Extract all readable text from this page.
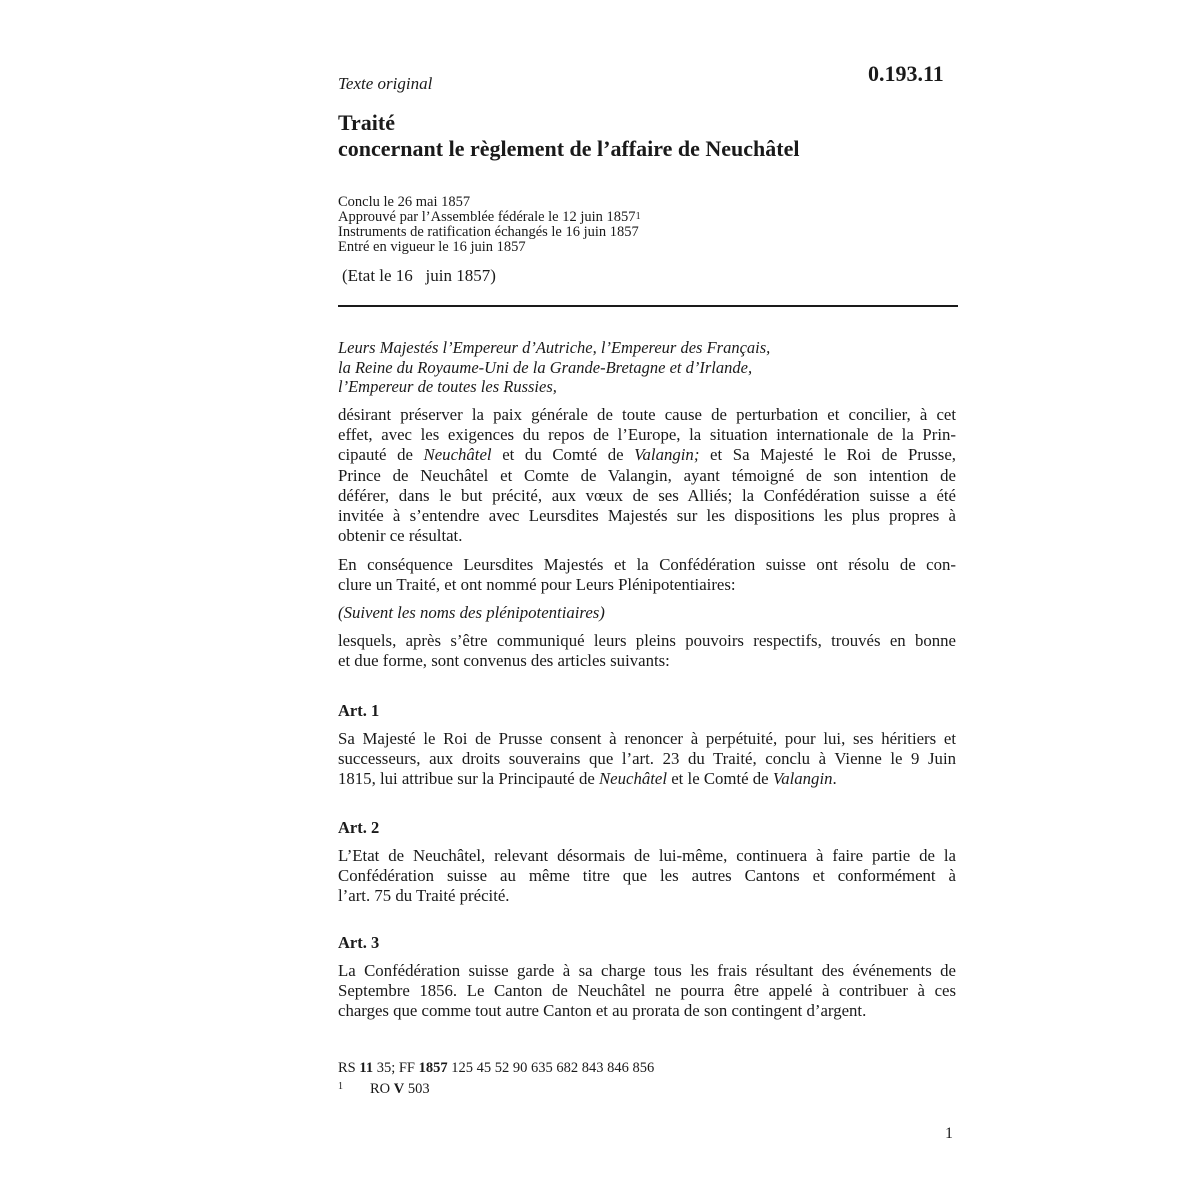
Texte original	0.193.11
Traité
concernant le règlement de l’affaire de Neuchâtel
Conclu le 26 mai 1857
Approuvé par l’Assemblée fédérale le 12 juin 1857$^1$
Instruments de ratification échangés le 16 juin 1857
Entré en vigueur le 16 juin 1857
(Etat le 16   juin 1857)
Leurs Majestés l’Empereur d’Autriche, l’Empereur des Français,
la Reine du Royaume-Uni de la Grande-Bretagne et d’Irlande,
l’Empereur de toutes les Russies,
désirant préserver la paix générale de toute cause de perturbation et concilier, à cet
effet, avec les exigences du repos de l’Europe, la situation internationale de la Prin-
cipauté de Neuchâtel et du Comté de Valangin; et Sa Majesté le Roi de Prusse,
Prince de Neuchâtel et Comte de Valangin, ayant témoigné de son intention de
déférer, dans le but précité, aux vœux de ses Alliés; la Confédération suisse a été
invitée à s’entendre avec Leursdites Majestés sur les dispositions les plus propres à
obtenir ce résultat.
En conséquence Leursdites Majestés et la Confédération suisse ont résolu de con-
clure un Traité, et ont nommé pour Leurs Plénipotentiaires:
(Suivent les noms des plénipotentiaires)
lesquels, après s’être communiqué leurs pleins pouvoirs respectifs, trouvés en bonne
et due forme, sont convenus des articles suivants:
Art. 1
Sa Majesté le Roi de Prusse consent à renoncer à perpétuité, pour lui, ses héritiers et
successeurs, aux droits souverains que l’art. 23 du Traité, conclu à Vienne le 9 Juin
1815, lui attribue sur la Principauté de Neuchâtel et le Comté de Valangin.
Art. 2
L’Etat de Neuchâtel, relevant désormais de lui-même, continuera à faire partie de la
Confédération suisse au même titre que les autres Cantons et conformément à
l’art. 75 du Traité précité.
Art. 3
La Confédération suisse garde à sa charge tous les frais résultant des événements de
Septembre 1856. Le Canton de Neuchâtel ne pourra être appelé à contribuer à ces
charges que comme tout autre Canton et au prorata de son contingent d’argent.
RS 11 35; FF 1857 125 45 52 90 635 682 843 846 856
1 RO V 503
1
